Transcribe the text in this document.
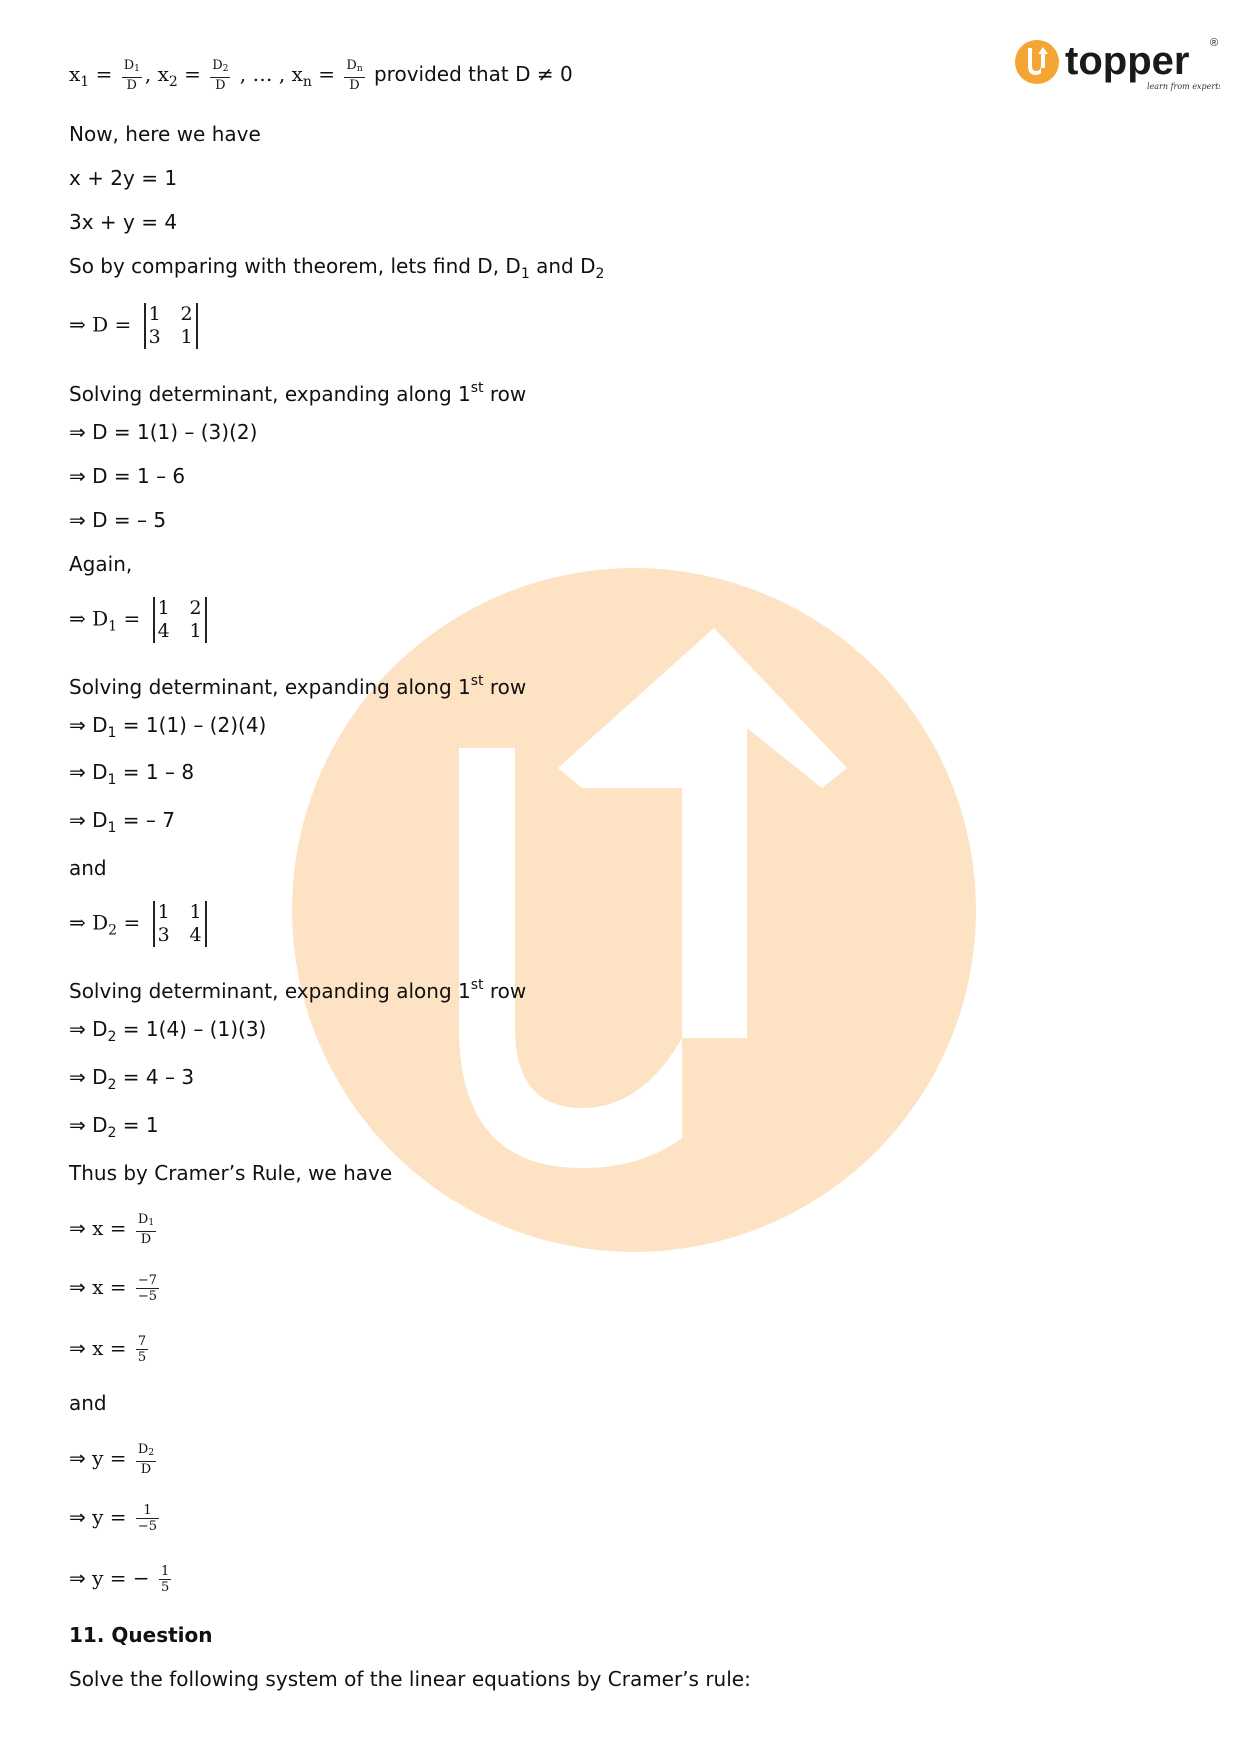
topper ®
learn from experts
$x_1 = \frac{D_1}{D}$ , $x_2 = \frac{D_2}{D}$ , … , $x_n = \frac{D_n}{D}$ provided that D ≠ 0
Now, here we have
x + 2y = 1
3x + y = 4
So by comparing with theorem, lets find D, $D_1$ and $D_2$
⇒ D = 1 2
3 1
Solving determinant, expanding along 1st row
⇒ D = 1(1) – (3)(2)
⇒ D = 1 – 6
⇒ D = – 5
Again,
⇒ $D_1 = 1$ 2
4 1
Solving determinant, expanding along 1st row
⇒ $D_1 = 1(1) - (2)(4)$
⇒ $D_1 = 1 - 8$
⇒ $D_1$ = – 7
and
⇒ $D_2 = 1$ 1
3 4
Solving determinant, expanding along 1st row
⇒ $D_2 = 1(4) - (1)(3)$
⇒ $D_2 = 4 - 3$
⇒ $D_2 = 1$
Thus by Cramer’s Rule, we have
⇒ $x = \frac{D_1}{D}$
⇒ $x = \frac{-7}{-5}$
⇒ $x = \frac{7}{5}$
and
⇒ $y = \frac{D_2}{D}$
⇒ $y = \frac{1}{-5}$
⇒ y = − $\frac{1}{5}$
11. Question
Solve the following system of the linear equations by Cramer’s rule:
